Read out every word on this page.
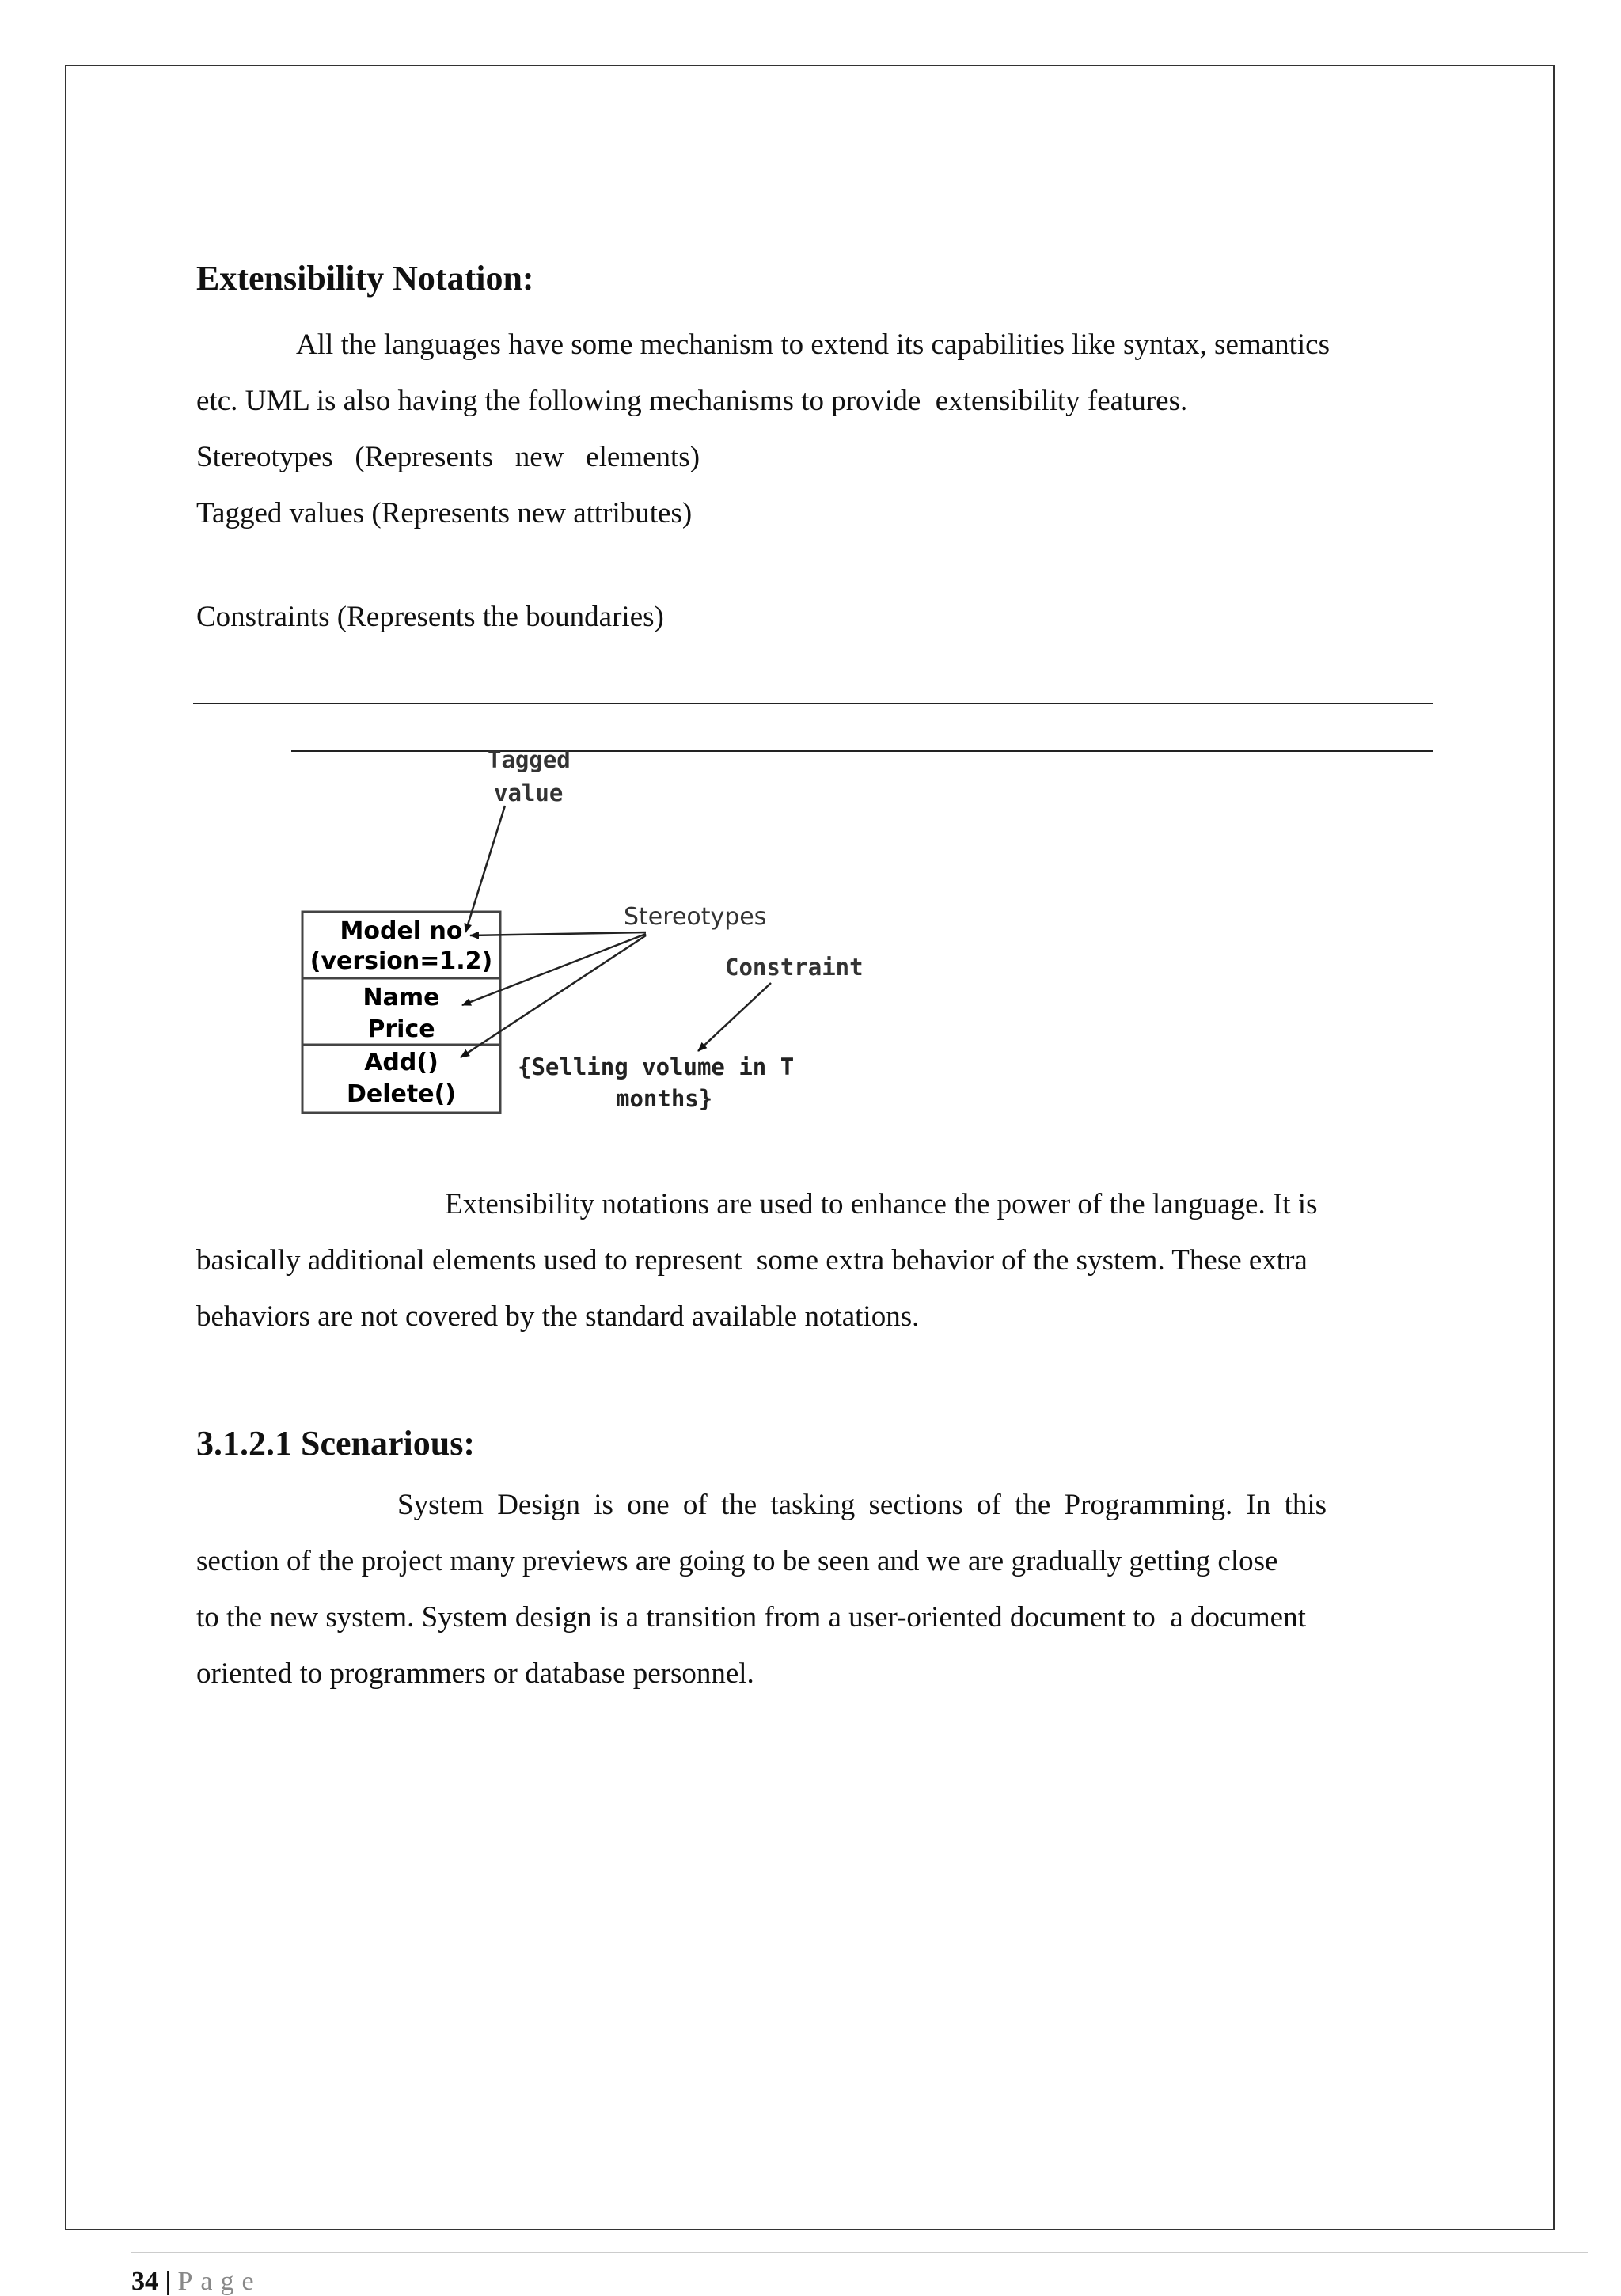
Extensibility Notation:

All the languages have some mechanism to extend its capabilities like syntax, semantics

etc. UML is also having the following mechanisms to provide  extensibility features.

Stereotypes   (Represents   new   elements)

Tagged values (Represents new attributes)

Constraints (Represents the boundaries)

Tagged
value
Stereotypes
Constraint
Model no
(version=1.2)
Name
Price
Add()
Delete()
{Selling volume in T
months}

Extensibility notations are used to enhance the power of the language. It is

basically additional elements used to represent  some extra behavior of the system. These extra

behaviors are not covered by the standard available notations.

3.1.2.1 Scenarious:

System Design is one of the tasking sections of the Programming. In this

section of the project many previews are going to be seen and we are gradually getting close

to the new system. System design is a transition from a user-oriented document to  a document

oriented to programmers or database personnel.

34 | Page
